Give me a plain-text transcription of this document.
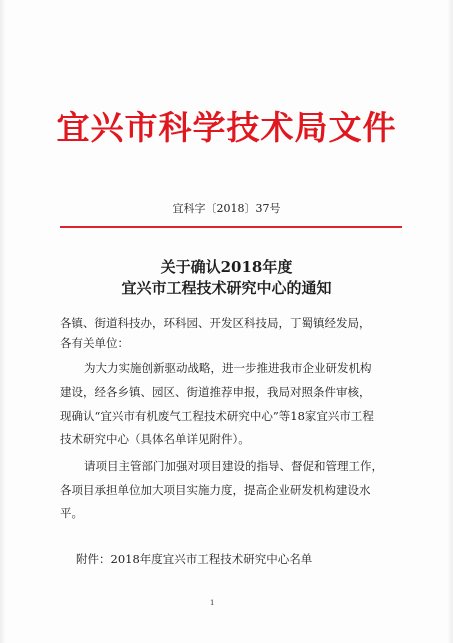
宜兴市科学技术局文件
宜科字〔2018〕37号
关于确认2018年度
宜兴市工程技术研究中心的通知
各镇、街道科技办，环科园、开发区科技局，丁蜀镇经发局，
各有关单位：
为大力实施创新驱动战略，进一步推进我市企业研发机构
建设，经各乡镇、园区、街道推荐申报，我局对照条件审核，
现确认“宜兴市有机废气工程技术研究中心”等18家宜兴市工程
技术研究中心（具体名单详见附件）。
请项目主管部门加强对项目建设的指导、督促和管理工作，
各项目承担单位加大项目实施力度，提高企业研发机构建设水
平。
附件：2018年度宜兴市工程技术研究中心名单
1
